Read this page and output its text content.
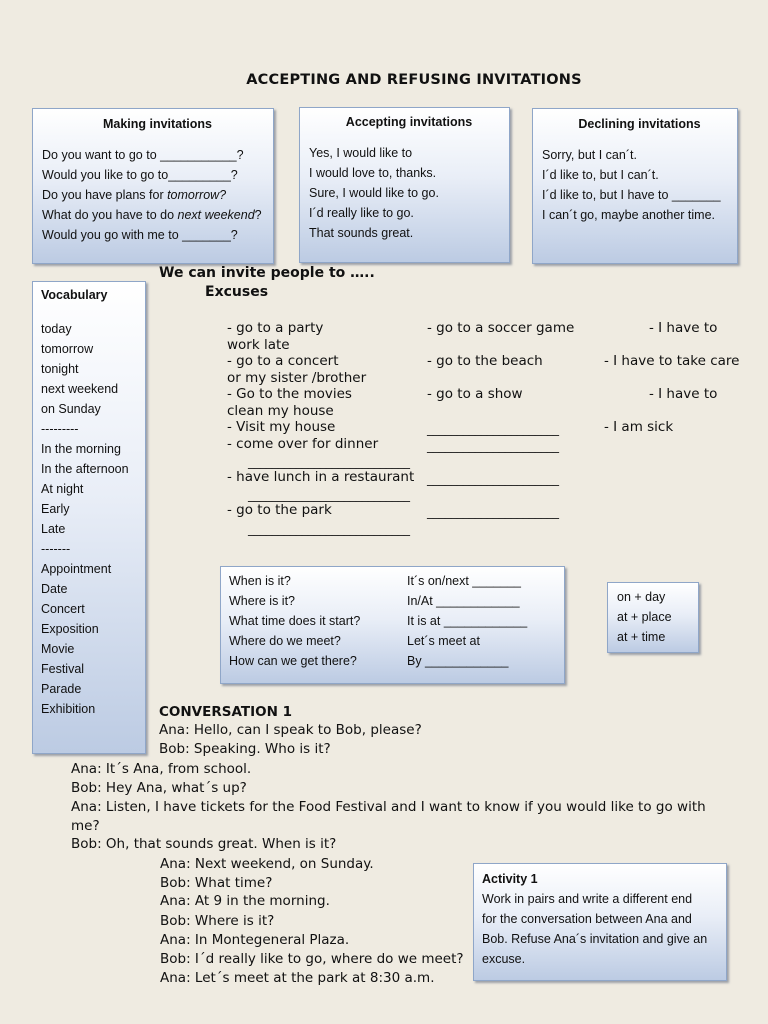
ACCEPTING AND REFUSING INVITATIONS
Making invitations
Do you want to go to ___________?
Would you like to go to_________?
Do you have plans for tomorrow?
What do you have to do next weekend?
Would you go with me to _______?
Accepting invitations
Yes, I would like to
I would love to, thanks.
Sure, I would like to go.
I´d really like to go.
That sounds great.
Declining invitations
Sorry, but I can´t.
I´d like to, but I can´t.
I´d like to, but I have to _______
I can´t go, maybe another time.
We can invite people to …..
Excuses
Vocabulary
today
tomorrow
tonight
next weekend
on Sunday
---------
In the morning
In the afternoon
At night
Early
Late
-------
Appointment
Date
Concert
Exposition
Movie
Festival
Parade
Exhibition
- go to a party
work late
- go to a concert
or my sister /brother
- Go to the movies
clean my house
- Visit my house
- come over for dinner
___________________________
- have lunch in a restaurant
___________________________
- go to the park
___________________________
- go to a soccer game
- go to the beach
- go to a show
______________________
______________________
______________________
______________________
- I have to
- I have to take care
- I have to
- I am sick
When is it?
Where is it?
What time does it start?
Where do we meet?
How can we get there?
It´s on/next _______
In/At ____________
It is at ____________
Let´s meet at
By ____________
on + day
at + place
at + time
CONVERSATION 1
Ana: Hello, can I speak to Bob, please?
Bob: Speaking. Who is it?
Ana: It´s Ana, from school.
Bob: Hey Ana, what´s up?
Ana: Listen, I have tickets for the Food Festival and I want to know if you would like to go with
me?
Bob: Oh, that sounds great. When is it?
Ana: Next weekend, on Sunday.
Bob: What time?
Ana: At 9 in the morning.
Bob: Where is it?
Ana: In Montegeneral Plaza.
Bob: I´d really like to go, where do we meet?
Ana: Let´s meet at the park at 8:30 a.m.
Activity 1
Work in pairs and write a different end
for the conversation between Ana and
Bob. Refuse Ana´s invitation and give an
excuse.
